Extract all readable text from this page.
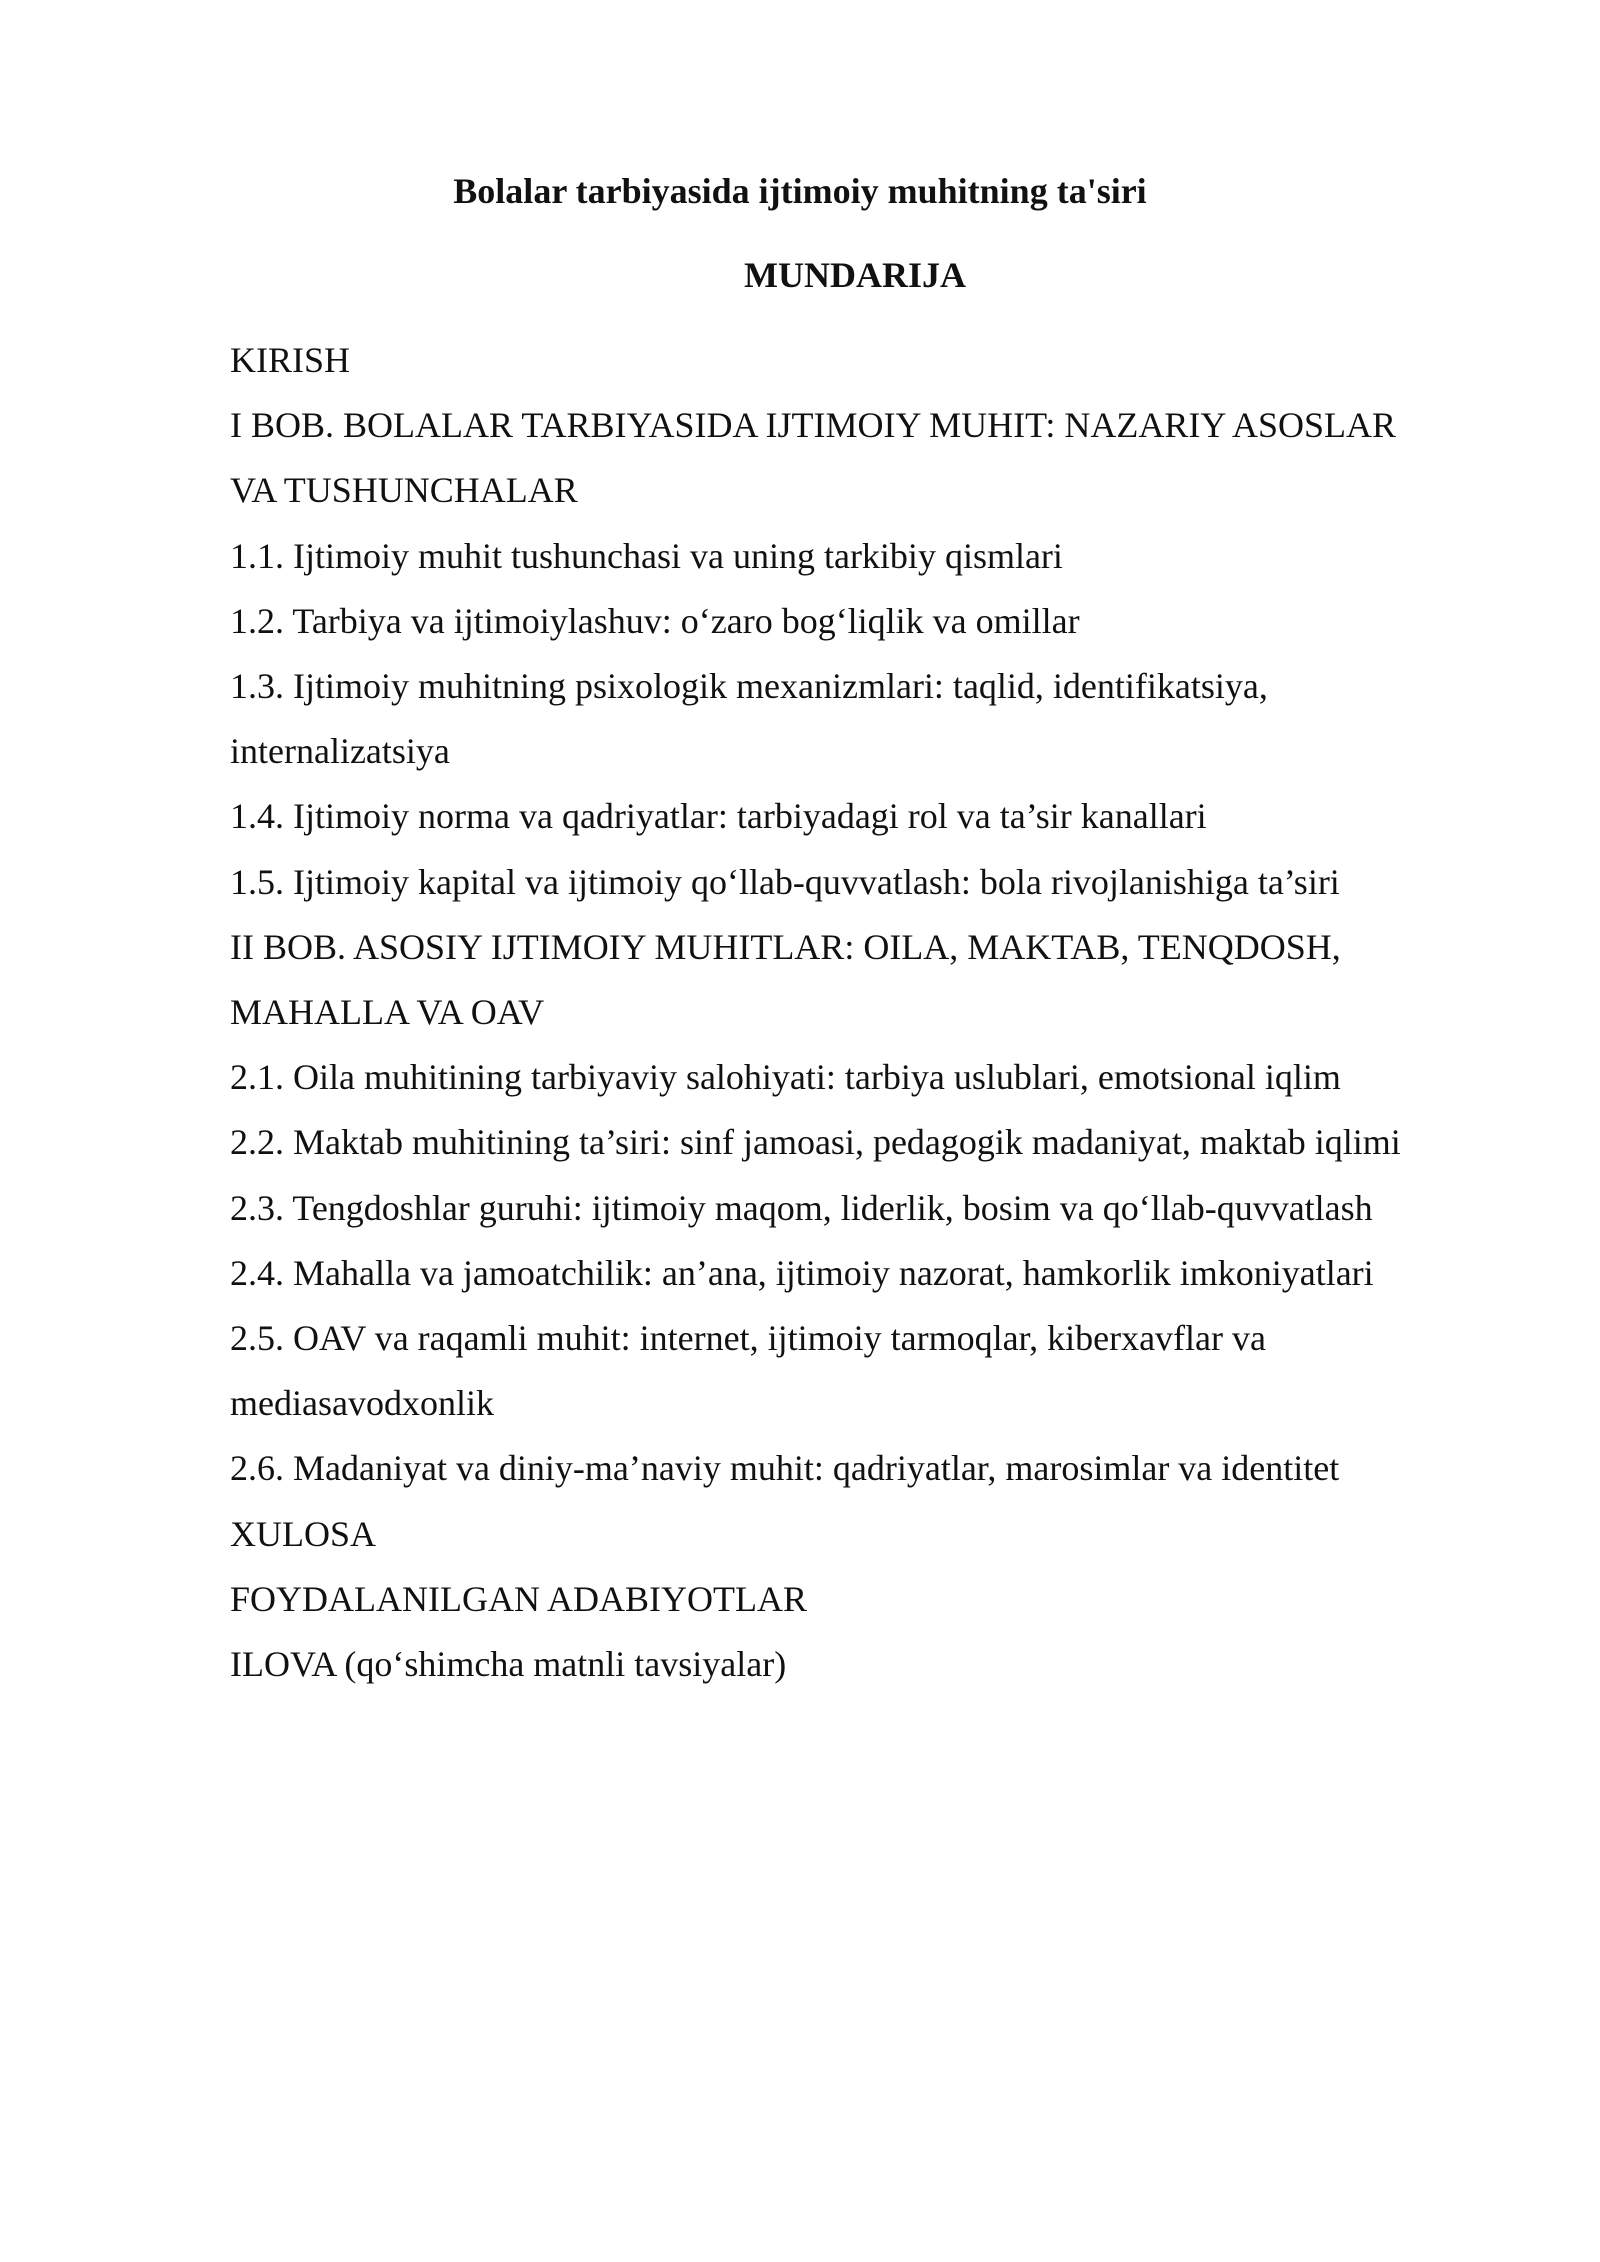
Bolalar tarbiyasida ijtimoiy muhitning ta'siri
MUNDARIJA
KIRISH
I BOB. BOLALAR TARBIYASIDA IJTIMOIY MUHIT: NAZARIY ASOSLAR
VA TUSHUNCHALAR
1.1. Ijtimoiy muhit tushunchasi va uning tarkibiy qismlari
1.2. Tarbiya va ijtimoiylashuv: o‘zaro bog‘liqlik va omillar
1.3. Ijtimoiy muhitning psixologik mexanizmlari: taqlid, identifikatsiya,
internalizatsiya
1.4. Ijtimoiy norma va qadriyatlar: tarbiyadagi rol va ta’sir kanallari
1.5. Ijtimoiy kapital va ijtimoiy qo‘llab-quvvatlash: bola rivojlanishiga ta’siri
II BOB. ASOSIY IJTIMOIY MUHITLAR: OILA, MAKTAB, TENQDOSH,
MAHALLA VA OAV
2.1. Oila muhitining tarbiyaviy salohiyati: tarbiya uslublari, emotsional iqlim
2.2. Maktab muhitining ta’siri: sinf jamoasi, pedagogik madaniyat, maktab iqlimi
2.3. Tengdoshlar guruhi: ijtimoiy maqom, liderlik, bosim va qo‘llab-quvvatlash
2.4. Mahalla va jamoatchilik: an’ana, ijtimoiy nazorat, hamkorlik imkoniyatlari
2.5. OAV va raqamli muhit: internet, ijtimoiy tarmoqlar, kiberxavflar va
mediasavodxonlik
2.6. Madaniyat va diniy-ma’naviy muhit: qadriyatlar, marosimlar va identitet
XULOSA
FOYDALANILGAN ADABIYOTLAR
ILOVA (qo‘shimcha matnli tavsiyalar)
